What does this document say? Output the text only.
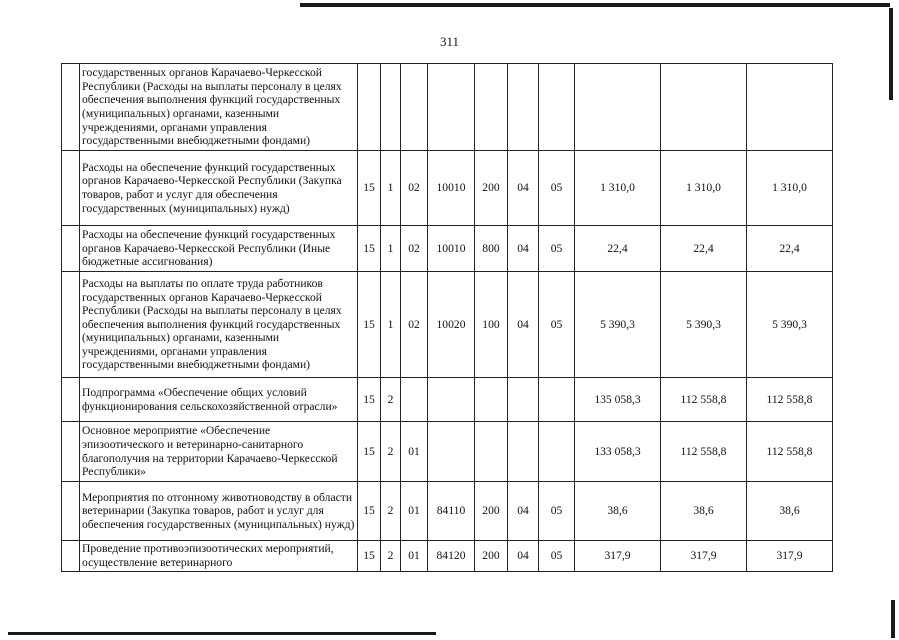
311
	государственных органов Карачаево-Черкесской Республики (Расходы на выплаты персоналу в целях обеспечения выполнения функций государственных (муниципальных) органами, казенными учреждениями, органами управления государственными внебюджетными фондами)										
	Расходы на обеспечение функций государственных органов Карачаево-Черкесской Республики (Закупка товаров, работ и услуг для обеспечения государственных (муниципальных) нужд)	15	1	02	10010	200	04	05	1 310,0	1 310,0	1 310,0
	Расходы на обеспечение функций государственных органов Карачаево-Черкесской Республики (Иные бюджетные ассигнования)	15	1	02	10010	800	04	05	22,4	22,4	22,4
	Расходы на выплаты по оплате труда работников государственных органов Карачаево-Черкесской Республики (Расходы на выплаты персоналу в целях обеспечения выполнения функций государственных (муниципальных) органами, казенными учреждениями, органами управления государственными внебюджетными фондами)	15	1	02	10020	100	04	05	5 390,3	5 390,3	5 390,3
	Подпрограмма «Обеспечение общих условий функционирования сельскохозяйственной отрасли»	15	2						135 058,3	112 558,8	112 558,8
	Основное мероприятие «Обеспечение эпизоотического и ветеринарно-санитарного благополучия на территории Карачаево-Черкесской Республики»	15	2	01					133 058,3	112 558,8	112 558,8
	Мероприятия по отгонному животноводству в области ветеринарии (Закупка товаров, работ и услуг для обеспечения государственных (муниципальных) нужд)	15	2	01	84110	200	04	05	38,6	38,6	38,6
	Проведение противоэпизоотических мероприятий, осуществление ветеринарного	15	2	01	84120	200	04	05	317,9	317,9	317,9
